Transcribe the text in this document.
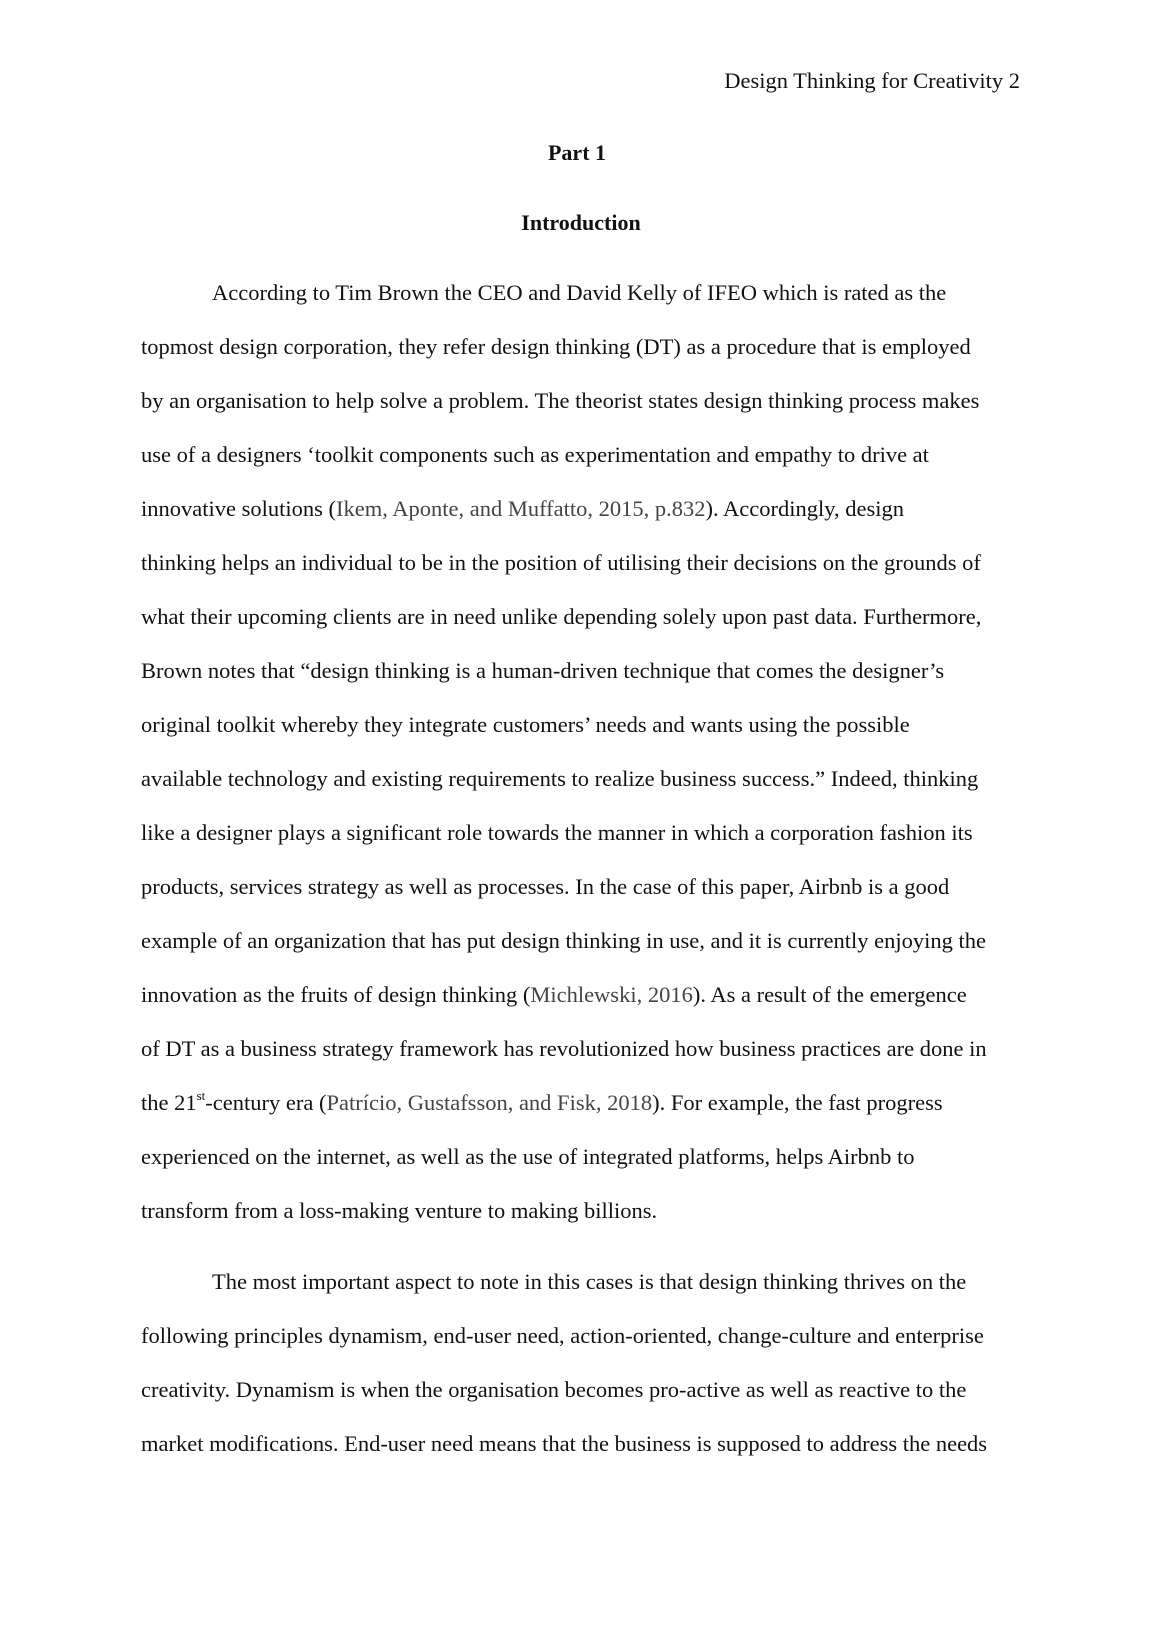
Design Thinking for Creativity 2
Part 1
Introduction
According to Tim Brown the CEO and David Kelly of IFEO which is rated as the
topmost design corporation, they refer design thinking (DT) as a procedure that is employed
by an organisation to help solve a problem. The theorist states design thinking process makes
use of a designers ‘toolkit components such as experimentation and empathy to drive at
innovative solutions (Ikem, Aponte, and Muffatto, 2015, p.832). Accordingly, design
thinking helps an individual to be in the position of utilising their decisions on the grounds of
what their upcoming clients are in need unlike depending solely upon past data. Furthermore,
Brown notes that “design thinking is a human-driven technique that comes the designer’s
original toolkit whereby they integrate customers’ needs and wants using the possible
available technology and existing requirements to realize business success.” Indeed, thinking
like a designer plays a significant role towards the manner in which a corporation fashion its
products, services strategy as well as processes. In the case of this paper, Airbnb is a good
example of an organization that has put design thinking in use, and it is currently enjoying the
innovation as the fruits of design thinking (Michlewski, 2016). As a result of the emergence
of DT as a business strategy framework has revolutionized how business practices are done in
the 21st-century era (Patrício, Gustafsson, and Fisk, 2018). For example, the fast progress
experienced on the internet, as well as the use of integrated platforms, helps Airbnb to
transform from a loss-making venture to making billions.
The most important aspect to note in this cases is that design thinking thrives on the
following principles dynamism, end-user need, action-oriented, change-culture and enterprise
creativity. Dynamism is when the organisation becomes pro-active as well as reactive to the
market modifications. End-user need means that the business is supposed to address the needs
